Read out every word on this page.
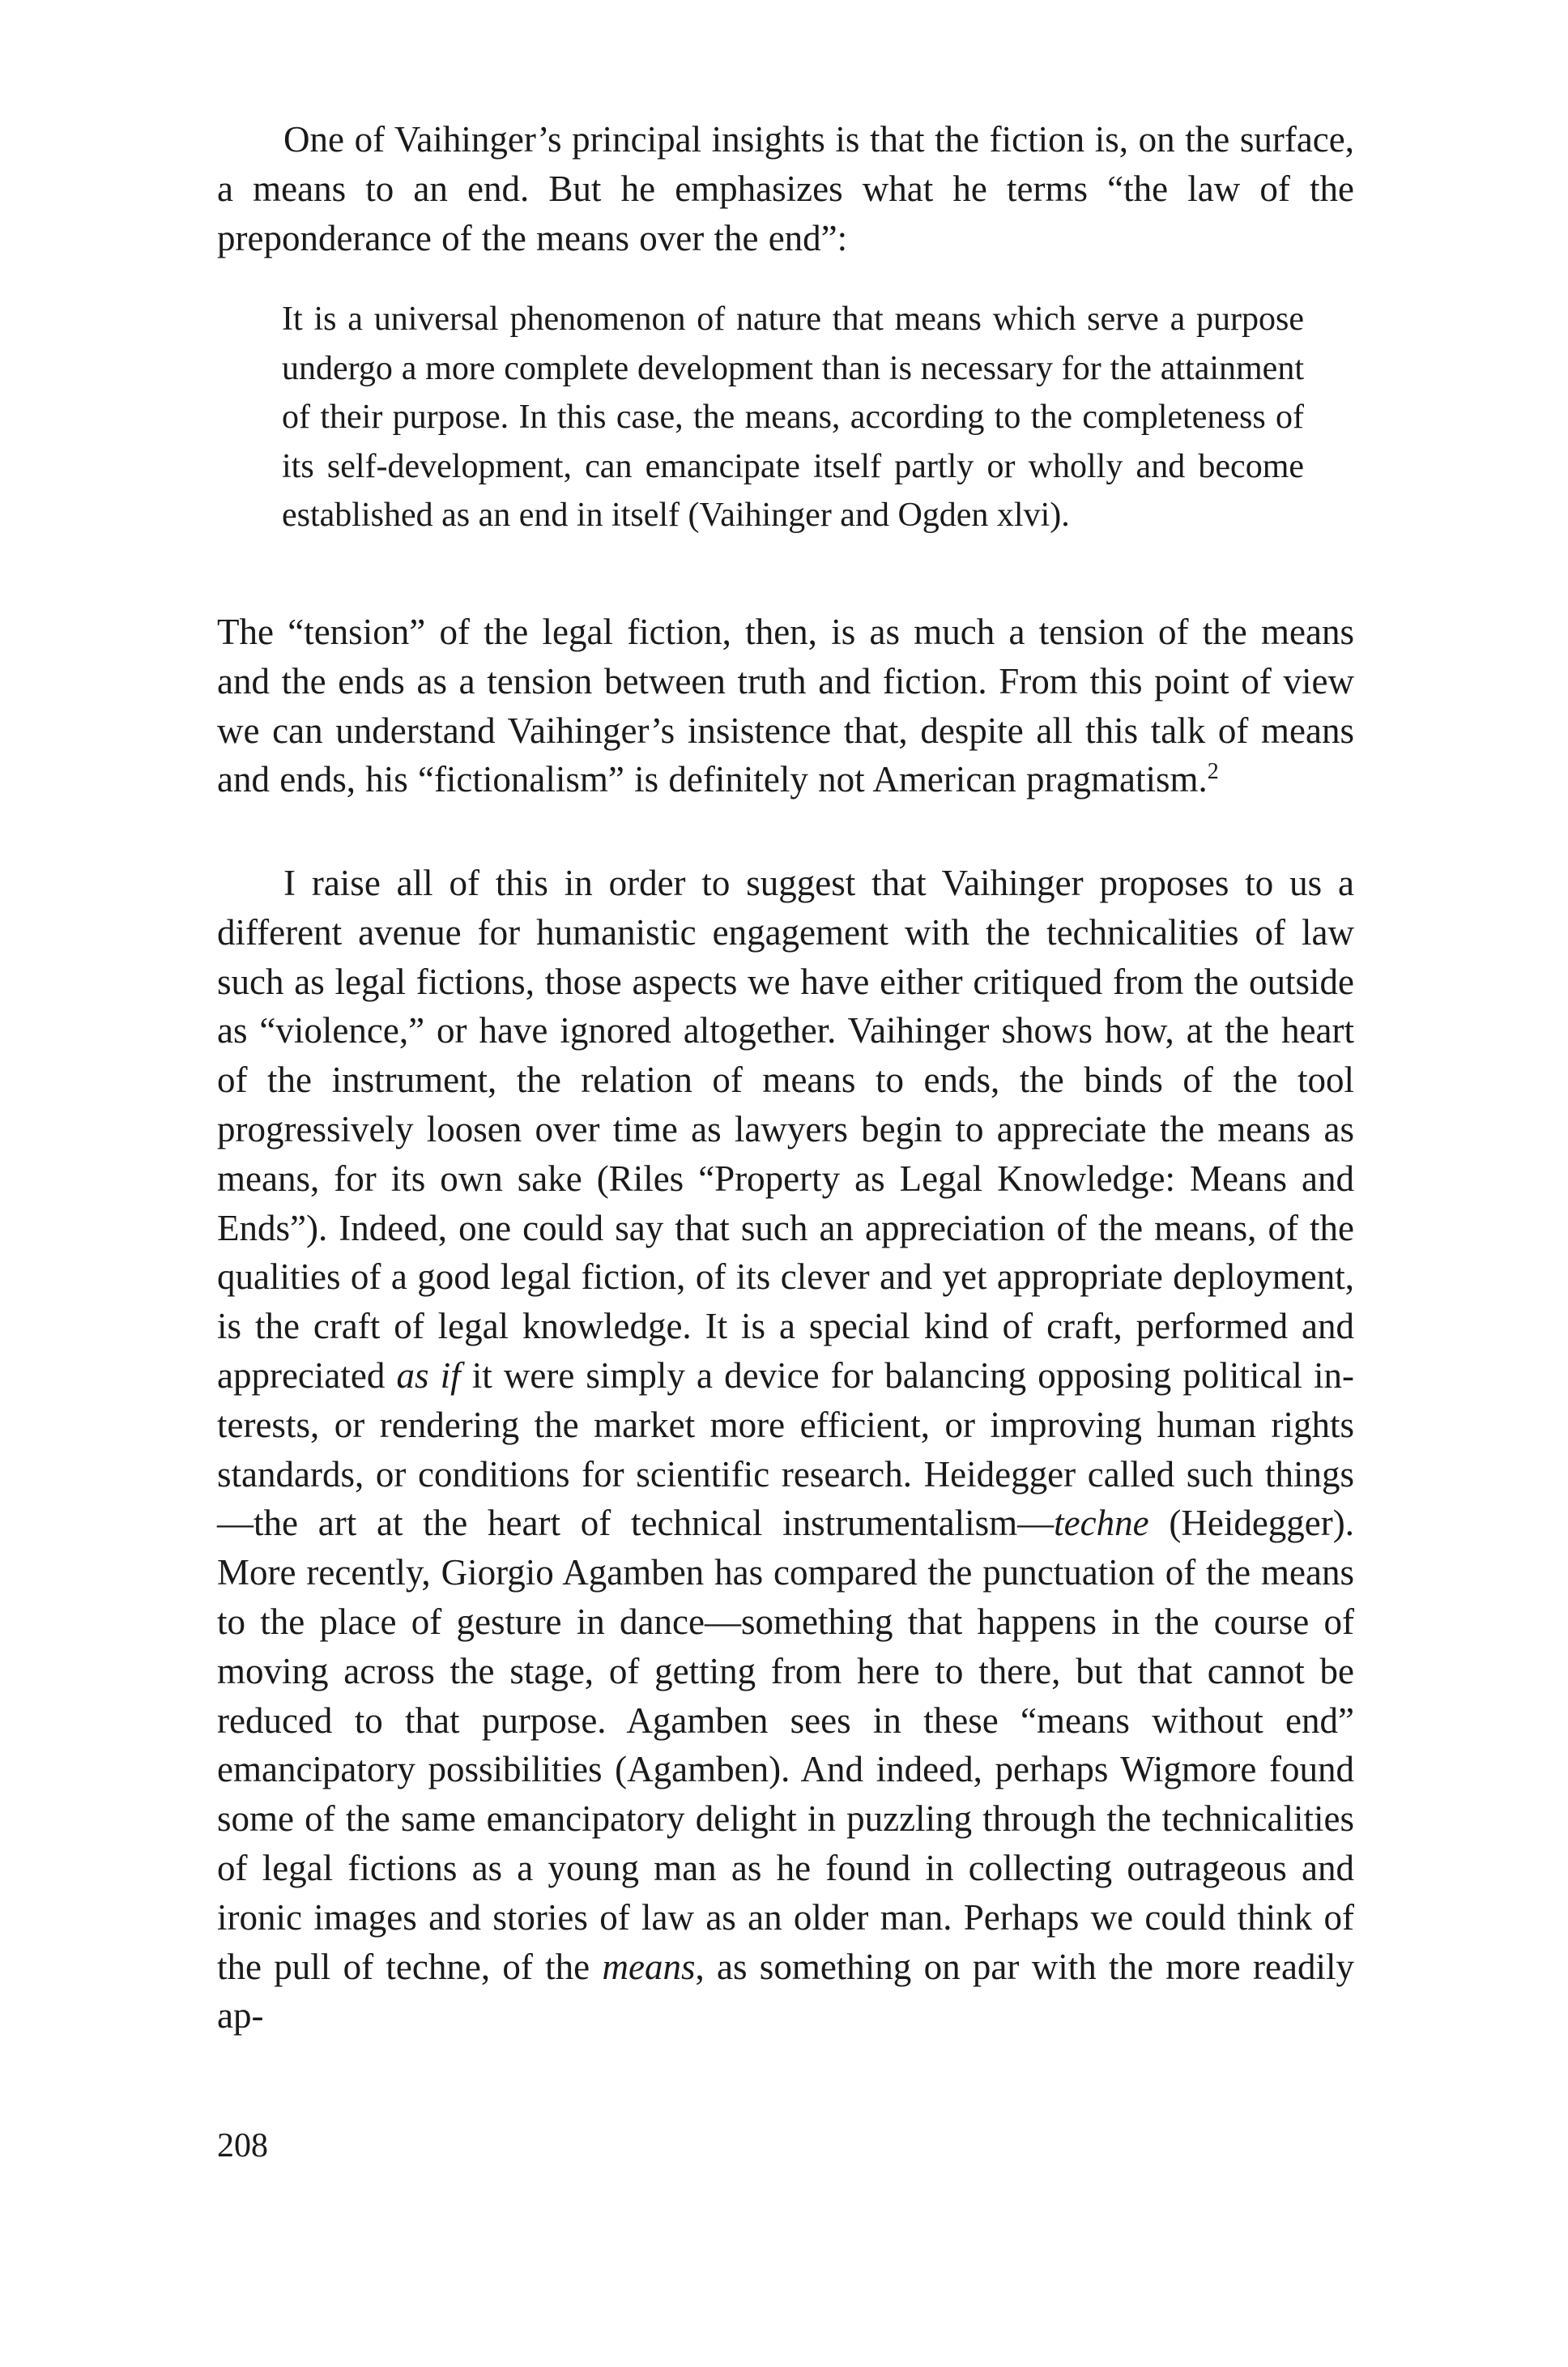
One of Vaihinger’s principal insights is that the fiction is, on the surface, a means to an end. But he emphasizes what he terms “the law of the preponderance of the means over the end”:

It is a universal phenomenon of nature that means which serve a purpose undergo a more complete development than is necessary for the attainment of their purpose. In this case, the means, according to the completeness of its self-development, can emancipate itself partly or wholly and become established as an end in itself (Vaihinger and Ogden xlvi).

The “tension” of the legal fiction, then, is as much a tension of the means and the ends as a tension between truth and fiction. From this point of view we can understand Vaihinger’s insistence that, despite all this talk of means and ends, his “fictionalism” is definitely not American pragmatism.$^2$

I raise all of this in order to suggest that Vaihinger proposes to us a different avenue for humanistic engagement with the technicalities of law such as legal fictions, those aspects we have either critiqued from the outside as “violence,” or have ignored altogether. Vaihinger shows how, at the heart of the instrument, the relation of means to ends, the binds of the tool progressively loosen over time as lawyers begin to appreciate the means as means, for its own sake (Riles “Property as Legal Knowledge: Means and Ends”). Indeed, one could say that such an appreciation of the means, of the qualities of a good legal fiction, of its clever and yet appropriate deployment, is the craft of legal knowledge. It is a special kind of craft, performed and appreciated as if it were simply a device for balancing opposing political interests, or rendering the market more efficient, or improving human rights standards, or conditions for scientific research. Heidegger called such things—the art at the heart of technical instrumentalism—techne (Heidegger). More recently, Giorgio Agamben has compared the punctuation of the means to the place of gesture in dance—something that happens in the course of moving across the stage, of getting from here to there, but that cannot be reduced to that purpose. Agamben sees in these “means without end” emancipatory possibilities (Agamben). And indeed, perhaps Wigmore found some of the same emancipatory delight in puzzling through the technicalities of legal fictions as a young man as he found in collecting outrageous and ironic images and stories of law as an older man. Perhaps we could think of the pull of techne, of the means, as something on par with the more readily ap-

208
